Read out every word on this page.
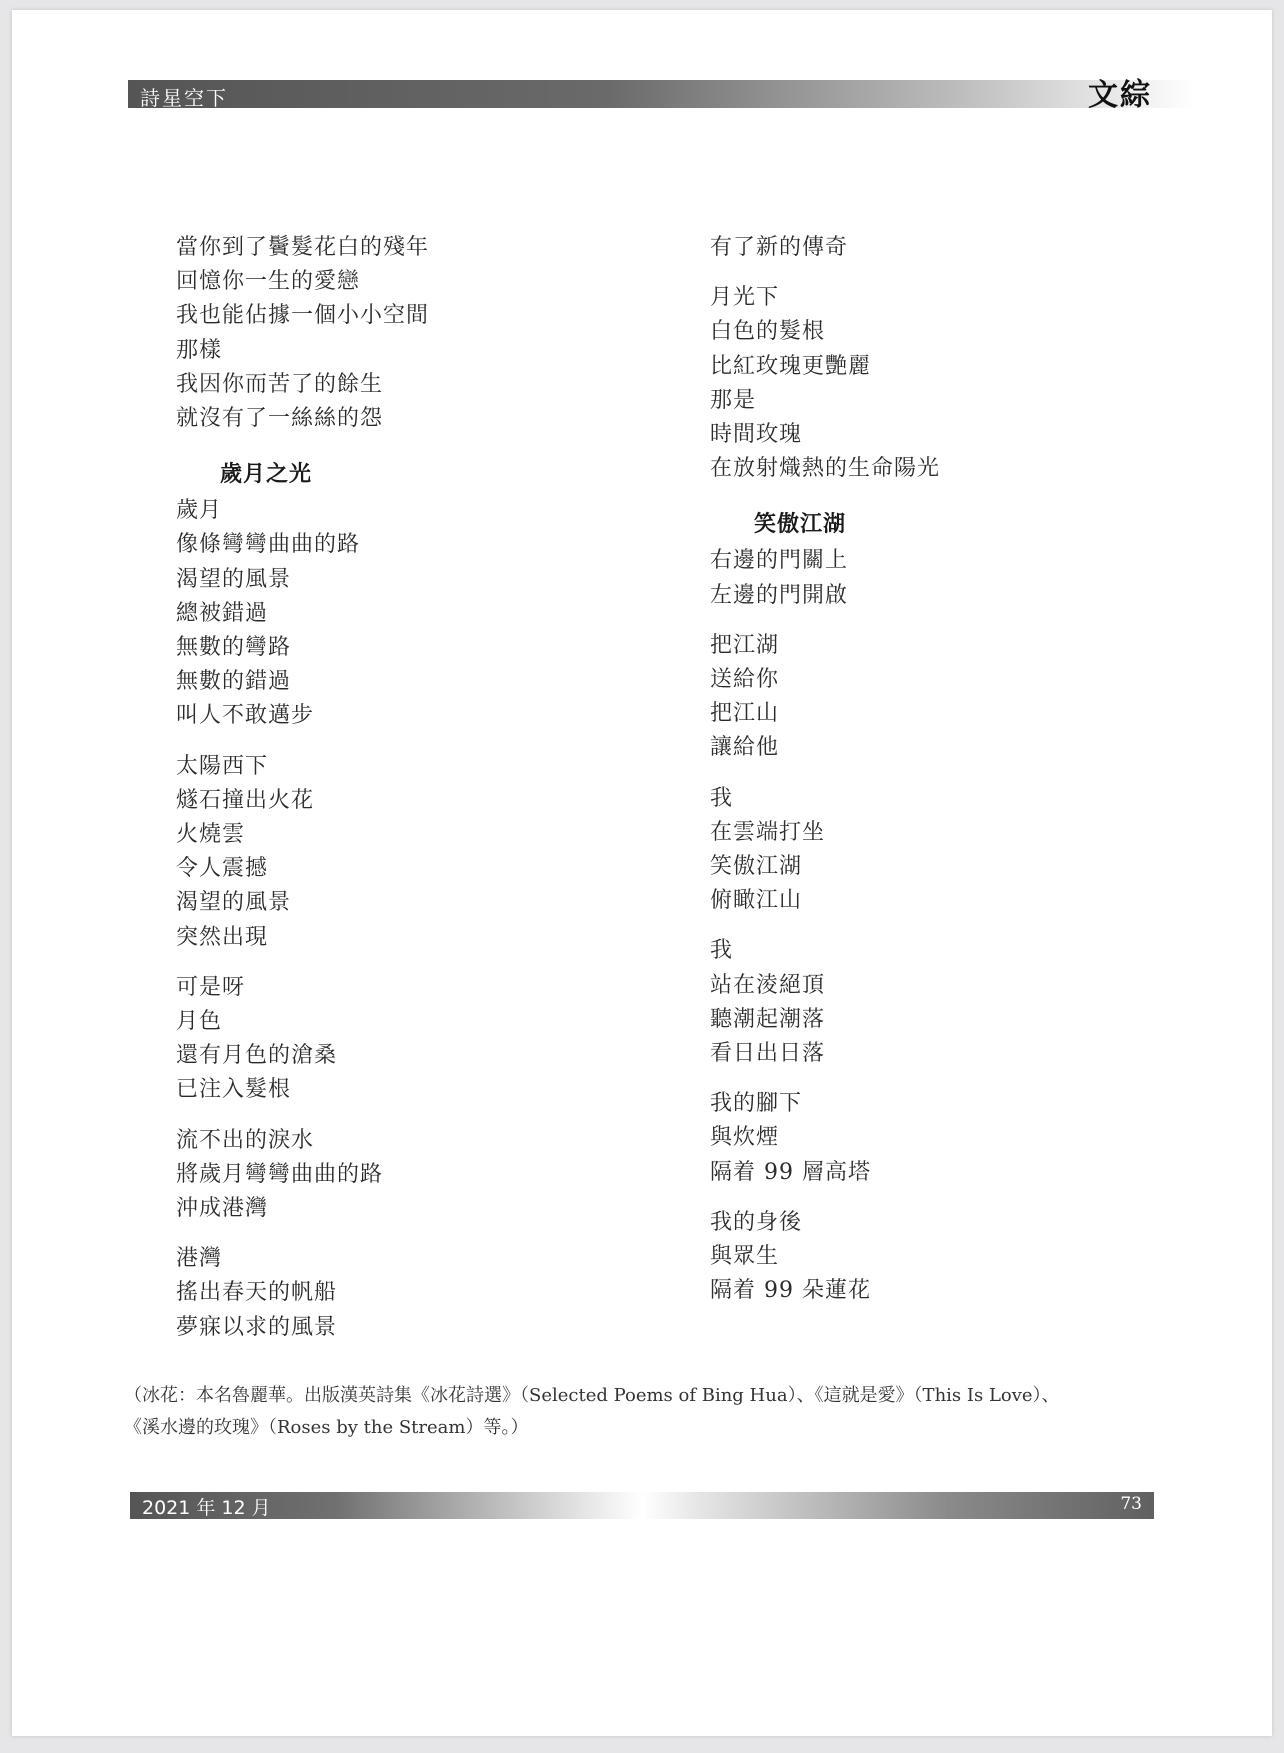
詩星空下	文綜
當你到了鬢髮花白的殘年
回憶你一生的愛戀
我也能佔據一個小小空間
那樣
我因你而苦了的餘生
就沒有了一絲絲的怨
歲月之光
歲月
像條彎彎曲曲的路
渴望的風景
總被錯過
無數的彎路
無數的錯過
叫人不敢邁步
太陽西下
燧石撞出火花
火燒雲
令人震撼
渴望的風景
突然出現
可是呀
月色
還有月色的滄桑
已注入髮根
流不出的淚水
將歲月彎彎曲曲的路
沖成港灣
港灣
搖出春天的帆船
夢寐以求的風景
有了新的傳奇
月光下
白色的髮根
比紅玫瑰更艷麗
那是
時間玫瑰
在放射熾熱的生命陽光
笑傲江湖
右邊的門關上
左邊的門開啟
把江湖
送給你
把江山
讓給他
我
在雲端打坐
笑傲江湖
俯瞰江山
我
站在淩絕頂
聽潮起潮落
看日出日落
我的腳下
與炊煙
隔着 99 層高塔
我的身後
與眾生
隔着 99 朵蓮花
（冰花：本名魯麗華。出版漢英詩集《冰花詩選》（Selected Poems of Bing Hua）、《這就是愛》（This Is Love）、
《溪水邊的玫瑰》（Roses by the Stream）等。）
2021 年 12 月	73
